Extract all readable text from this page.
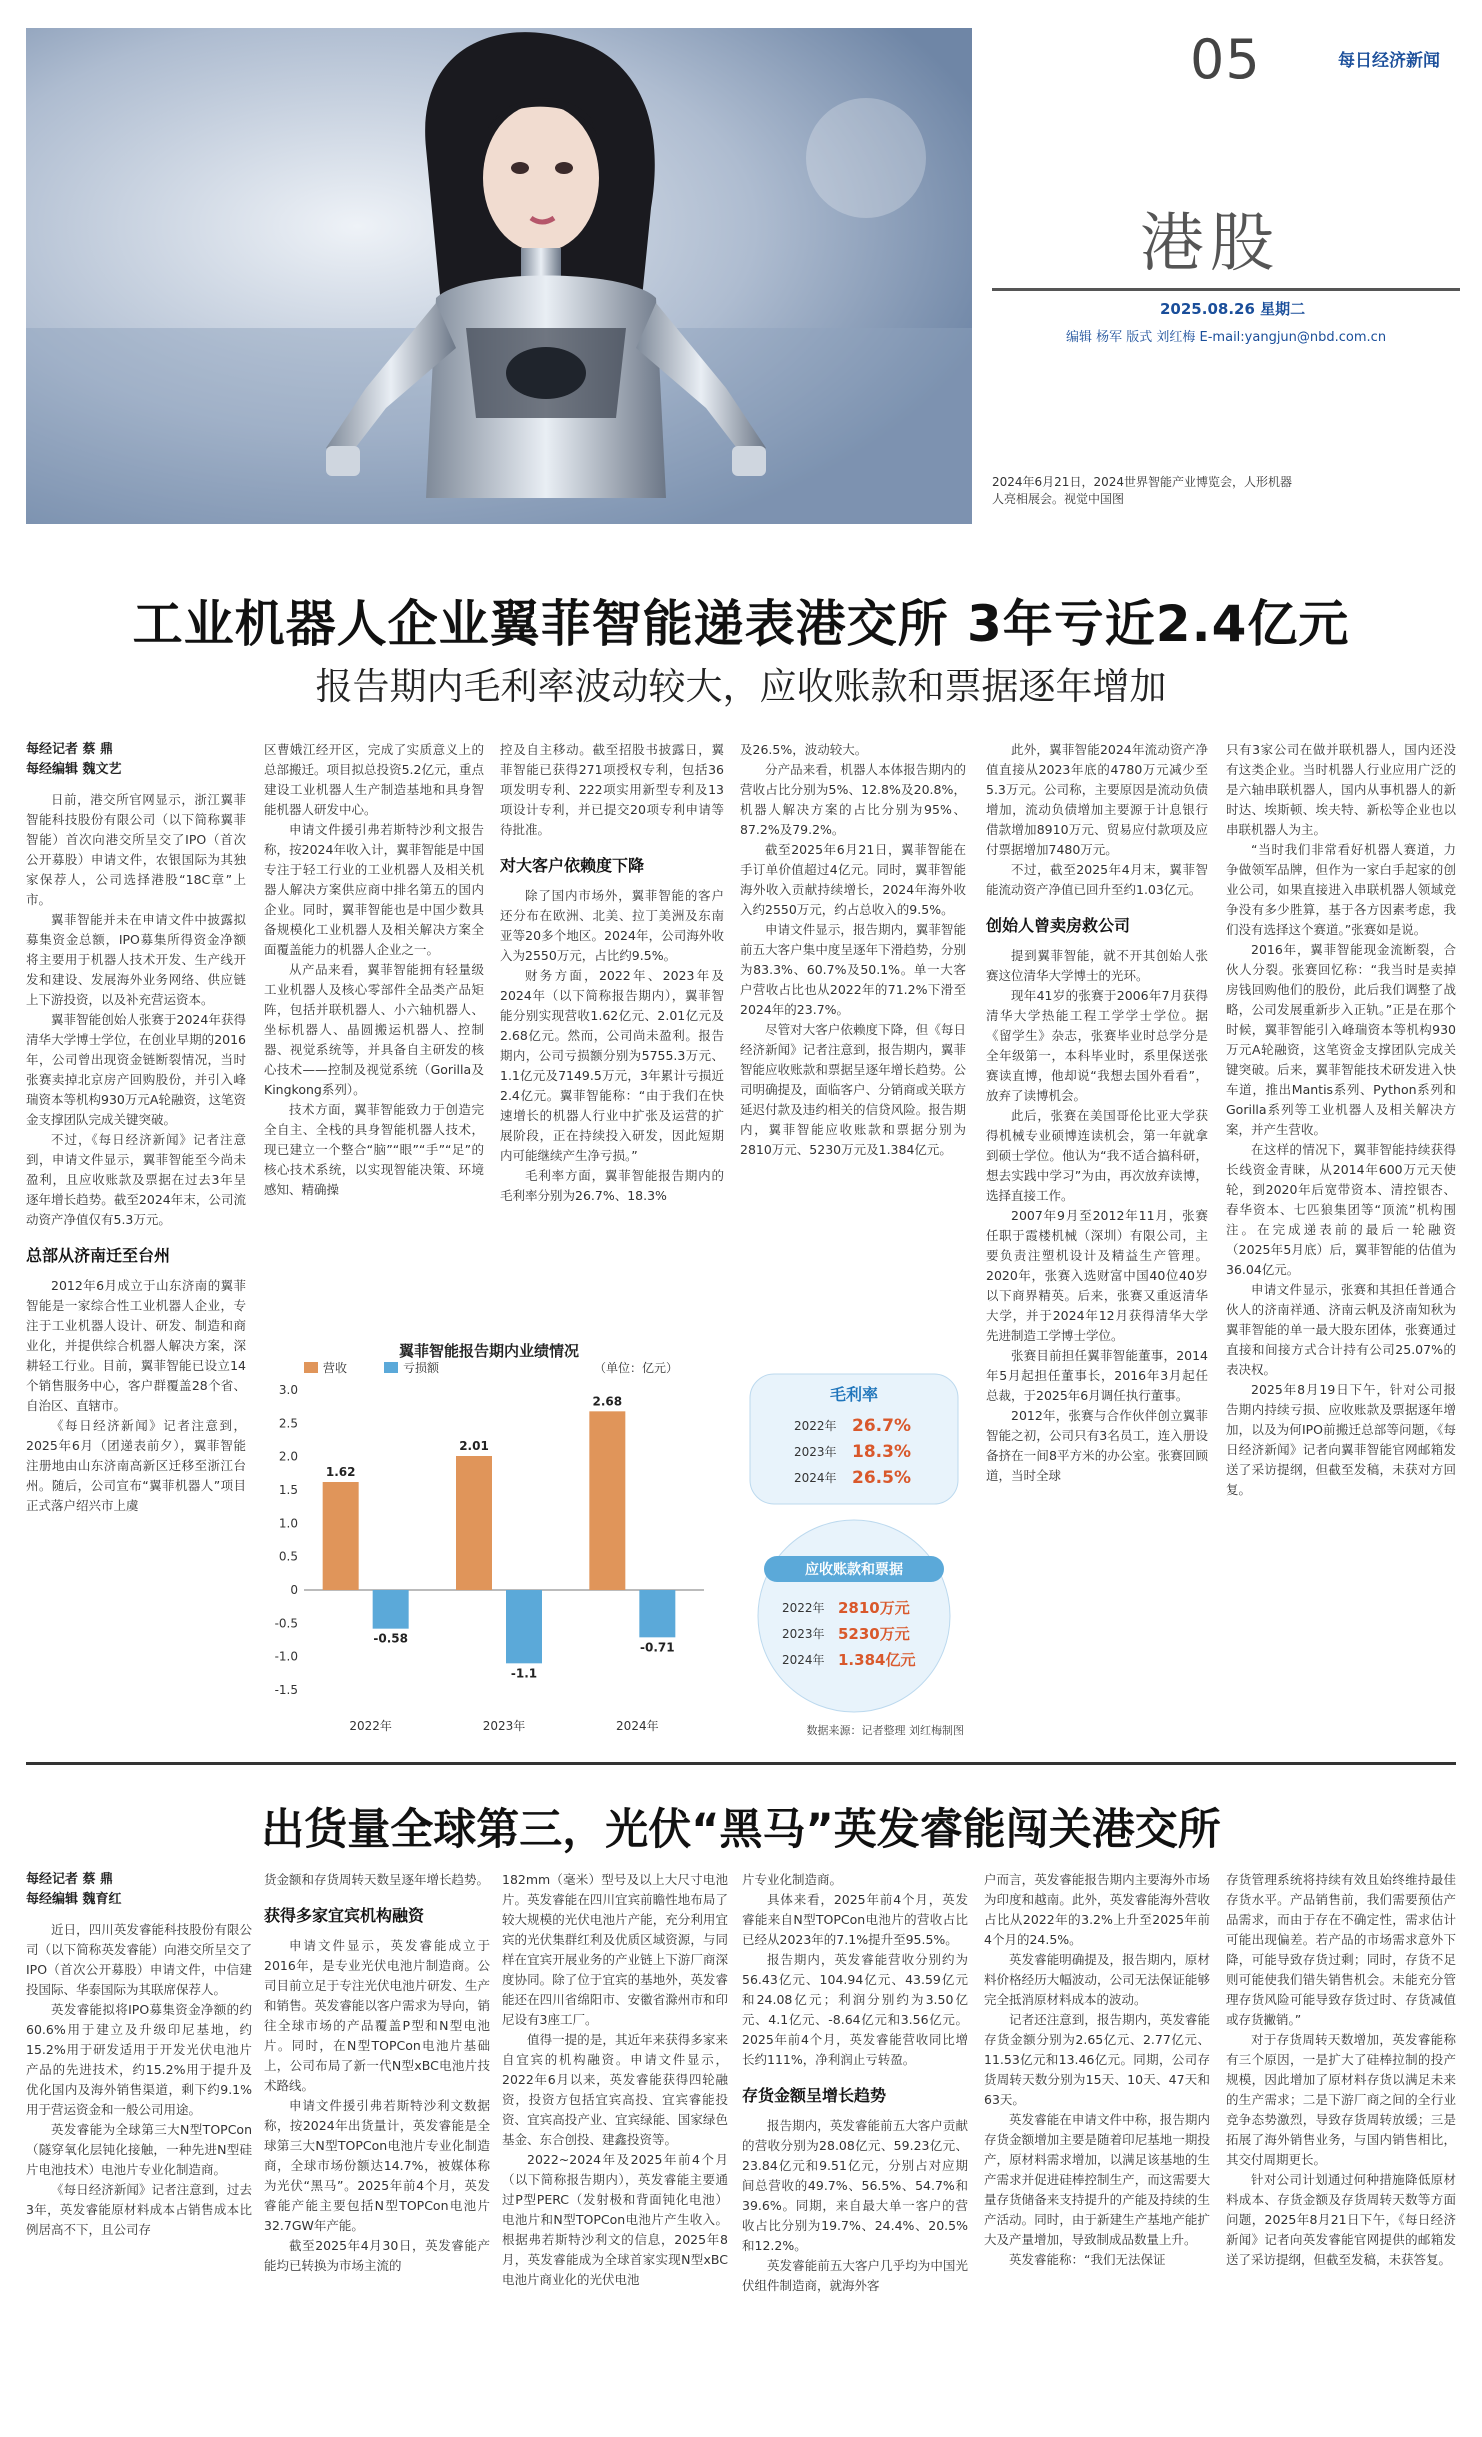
05	每日经济新闻
港股
2025.08.26 星期二
编辑 杨军 版式 刘红梅 E-mail:yangjun@nbd.com.cn
2024年6月21日，2024世界智能产业博览会，人形机器人亮相展会。视觉中国图
工业机器人企业翼菲智能递表港交所 3年亏近2.4亿元
报告期内毛利率波动较大，应收账款和票据逐年增加

每经记者 蔡 鼎

每经编辑 魏文艺

日前，港交所官网显示，浙江翼菲智能科技股份有限公司（以下简称翼菲智能）首次向港交所呈交了IPO（首次公开募股）申请文件，农银国际为其独家保荐人，公司选择港股“18C章”上市。

翼菲智能并未在申请文件中披露拟募集资金总额，IPO募集所得资金净额将主要用于机器人技术开发、生产线开发和建设、发展海外业务网络、供应链上下游投资，以及补充营运资本。

翼菲智能创始人张赛于2024年获得清华大学博士学位，在创业早期的2016年，公司曾出现资金链断裂情况，当时张赛卖掉北京房产回购股份，并引入峰瑞资本等机构930万元A轮融资，这笔资金支撑团队完成关键突破。

不过，《每日经济新闻》记者注意到，申请文件显示，翼菲智能至今尚未盈利，且应收账款及票据在过去3年呈逐年增长趋势。截至2024年末，公司流动资产净值仅有5.3万元。

总部从济南迁至台州

2012年6月成立于山东济南的翼菲智能是一家综合性工业机器人企业，专注于工业机器人设计、研发、制造和商业化，并提供综合机器人解决方案，深耕轻工行业。目前，翼菲智能已设立14个销售服务中心，客户群覆盖28个省、自治区、直辖市。

《每日经济新闻》记者注意到，2025年6月（团递表前夕），翼菲智能注册地由山东济南高新区迁移至浙江台州。随后，公司宣布“翼菲机器人”项目正式落户绍兴市上虞

区曹娥江经开区，完成了实质意义上的总部搬迁。项目拟总投资5.2亿元，重点建设工业机器人生产制造基地和具身智能机器人研发中心。

申请文件援引弗若斯特沙利文报告称，按2024年收入计，翼菲智能是中国专注于轻工行业的工业机器人及相关机器人解决方案供应商中排名第五的国内企业。同时，翼菲智能也是中国少数具备规模化工业机器人及相关解决方案全面覆盖能力的机器人企业之一。

从产品来看，翼菲智能拥有轻量级工业机器人及核心零部件全品类产品矩阵，包括并联机器人、小六轴机器人、坐标机器人、晶圆搬运机器人、控制器、视觉系统等，并具备自主研发的核心技术——控制及视觉系统（Gorilla及Kingkong系列）。

技术方面，翼菲智能致力于创造完全自主、全栈的具身智能机器人技术，现已建立一个整合“脑”“眼”“手”“足”的核心技术系统，以实现智能决策、环境感知、精确操

控及自主移动。截至招股书披露日，翼菲智能已获得271项授权专利，包括36项发明专利、222项实用新型专利及13项设计专利，并已提交20项专利申请等待批准。

对大客户依赖度下降

除了国内市场外，翼菲智能的客户还分布在欧洲、北美、拉丁美洲及东南亚等20多个地区。2024年，公司海外收入为2550万元，占比约9.5%。

财务方面，2022年、2023年及2024年（以下简称报告期内），翼菲智能分别实现营收1.62亿元、2.01亿元及2.68亿元。然而，公司尚未盈利。报告期内，公司亏损额分别为5755.3万元、1.1亿元及7149.5万元，3年累计亏损近2.4亿元。翼菲智能称：“由于我们在快速增长的机器人行业中扩张及运营的扩展阶段，正在持续投入研发，因此短期内可能继续产生净亏损。”

毛利率方面，翼菲智能报告期内的毛利率分别为26.7%、18.3%

及26.5%，波动较大。

分产品来看，机器人本体报告期内的营收占比分别为5%、12.8%及20.8%，机器人解决方案的占比分别为95%、87.2%及79.2%。

截至2025年6月21日，翼菲智能在手订单价值超过4亿元。同时，翼菲智能海外收入贡献持续增长，2024年海外收入约2550万元，约占总收入的9.5%。

申请文件显示，报告期内，翼菲智能前五大客户集中度呈逐年下滑趋势，分别为83.3%、60.7%及50.1%。单一大客户营收占比也从2022年的71.2%下滑至2024年的23.7%。

尽管对大客户依赖度下降，但《每日经济新闻》记者注意到，报告期内，翼菲智能应收账款和票据呈逐年增长趋势。公司明确提及，面临客户、分销商或关联方延迟付款及违约相关的信贷风险。报告期内，翼菲智能应收账款和票据分别为2810万元、5230万元及1.384亿元。

此外，翼菲智能2024年流动资产净值直接从2023年底的4780万元减少至5.3万元。公司称，主要原因是流动负债增加，流动负债增加主要源于计息银行借款增加8910万元、贸易应付款项及应付票据增加7480万元。

不过，截至2025年4月末，翼菲智能流动资产净值已回升至约1.03亿元。

创始人曾卖房救公司

提到翼菲智能，就不开其创始人张赛这位清华大学博士的光环。

现年41岁的张赛于2006年7月获得清华大学热能工程工学学士学位。据《留学生》杂志，张赛毕业时总学分是全年级第一，本科毕业时，系里保送张赛读直博，他却说“我想去国外看看”，放弃了读博机会。

此后，张赛在美国哥伦比亚大学获得机械专业硕博连读机会，第一年就拿到硕士学位。他认为“我不适合搞科研，想去实践中学习”为由，再次放弃读博，选择直接工作。

2007年9月至2012年11月，张赛任职于霞楼机械（深圳）有限公司，主要负责注塑机设计及精益生产管理。2020年，张赛入选财富中国40位40岁以下商界精英。后来，张赛又重返清华大学，并于2024年12月获得清华大学先进制造工学博士学位。

张赛目前担任翼菲智能董事，2014年5月起担任董事长，2016年3月起任总裁，于2025年6月调任执行董事。

2012年，张赛与合作伙伴创立翼菲智能之初，公司只有3名员工，连入册设备挤在一间8平方米的办公室。张赛回顾道，当时全球

只有3家公司在做并联机器人，国内还没有这类企业。当时机器人行业应用广泛的是六轴串联机器人，国内从事机器人的新时达、埃斯顿、埃夫特、新松等企业也以串联机器人为主。

“当时我们非常看好机器人赛道，力争做领军品牌，但作为一家白手起家的创业公司，如果直接进入串联机器人领域竞争没有多少胜算，基于各方因素考虑，我们没有选择这个赛道。”张赛如是说。

2016年，翼菲智能现金流断裂，合伙人分裂。张赛回忆称：“我当时是卖掉房钱回购他们的股份，此后我们调整了战略，公司发展重新步入正轨。”正是在那个时候，翼菲智能引入峰瑞资本等机构930万元A轮融资，这笔资金支撑团队完成关键突破。后来，翼菲智能技术研发进入快车道，推出Mantis系列、Python系列和Gorilla系列等工业机器人及相关解决方案，并产生营收。

在这样的情况下，翼菲智能持续获得长线资金青睐，从2014年600万元天使轮，到2020年后宽带资本、清控银杏、春华资本、七匹狼集团等“顶流”机构围注。在完成递表前的最后一轮融资（2025年5月底）后，翼菲智能的估值为36.04亿元。

申请文件显示，张赛和其担任普通合伙人的济南祥通、济南云帆及济南知秋为翼菲智能的单一最大股东团体，张赛通过直接和间接方式合计持有公司25.07%的表决权。

2025年8月19日下午，针对公司报告期内持续亏损、应收账款及票据逐年增加，以及为何IPO前搬迁总部等问题，《每日经济新闻》记者向翼菲智能官网邮箱发送了采访提纲，但截至发稿，未获对方回复。

翼菲智能报告期内业绩情况
营收	亏损额	（单位：亿元）
3.0
2.5
2.0
1.5
1.0
0.5
0
-0.5
-1.0
-1.5
1.62
-0.58
2022年
2.01
-1.1
2023年
2.68
-0.71
2024年
毛利率
2022年 26.7%
2023年 18.3%
2024年 26.5%
应收账款和票据
2022年 2810万元
2023年 5230万元
2024年 1.384亿元
数据来源：记者整理 刘红梅制图
出货量全球第三，光伏“黑马”英发睿能闯关港交所

每经记者 蔡 鼎

每经编辑 魏育红

近日，四川英发睿能科技股份有限公司（以下简称英发睿能）向港交所呈交了IPO（首次公开募股）申请文件，中信建投国际、华泰国际为其联席保荐人。

英发睿能拟将IPO募集资金净额的约60.6%用于建立及升级印尼基地，约15.2%用于研发适用于开发光伏电池片产品的先进技术，约15.2%用于提升及优化国内及海外销售渠道，剩下约9.1%用于营运资金和一般公司用途。

英发睿能为全球第三大N型TOPCon（隧穿氧化层钝化接触，一种先进N型硅片电池技术）电池片专业化制造商。

《每日经济新闻》记者注意到，过去3年，英发睿能原材料成本占销售成本比例居高不下，且公司存

货金额和存货周转天数呈逐年增长趋势。

获得多家宜宾机构融资

申请文件显示，英发睿能成立于2016年，是专业光伏电池片制造商。公司目前立足于专注光伏电池片研发、生产和销售。英发睿能以客户需求为导向，销往全球市场的产品覆盖P型和N型电池片。同时，在N型TOPCon电池片基础上，公司布局了新一代N型xBC电池片技术路线。

申请文件援引弗若斯特沙利文数据称，按2024年出货量计，英发睿能是全球第三大N型TOPCon电池片专业化制造商，全球市场份额达14.7%，被媒体称为光伏“黑马”。2025年前4个月，英发睿能产能主要包括N型TOPCon电池片32.7GW年产能。

截至2025年4月30日，英发睿能产能均已转换为市场主流的

182mm（毫米）型号及以上大尺寸电池片。英发睿能在四川宜宾前瞻性地布局了较大规模的光伏电池片产能，充分利用宜宾的光伏集群红利及优质区域资源，与同样在宜宾开展业务的产业链上下游厂商深度协同。除了位于宜宾的基地外，英发睿能还在四川省绵阳市、安徽省滁州市和印尼设有3座工厂。

值得一提的是，其近年来获得多家来自宜宾的机构融资。申请文件显示，2022年6月以来，英发睿能获得四轮融资，投资方包括宜宾高投、宜宾睿能投资、宜宾高投产业、宜宾绿能、国家绿色基金、东合创投、建鑫投资等。

2022~2024年及2025年前4个月（以下简称报告期内），英发睿能主要通过P型PERC（发射极和背面钝化电池）电池片和N型TOPCon电池片产生收入。根据弗若斯特沙利文的信息，2025年8月，英发睿能成为全球首家实现N型xBC电池片商业化的光伏电池

片专业化制造商。

具体来看，2025年前4个月，英发睿能来自N型TOPCon电池片的营收占比已经从2023年的7.1%提升至95.5%。

报告期内，英发睿能营收分别约为56.43亿元、104.94亿元、43.59亿元和24.08亿元；利润分别约为3.50亿元、4.1亿元、-8.64亿元和3.56亿元。2025年前4个月，英发睿能营收同比增长约111%，净利润止亏转盈。

存货金额呈增长趋势

报告期内，英发睿能前五大客户贡献的营收分别为28.08亿元、59.23亿元、23.84亿元和9.51亿元，分别占对应期间总营收的49.7%、56.5%、54.7%和39.6%。同期，来自最大单一客户的营收占比分别为19.7%、24.4%、20.5%和12.2%。

英发睿能前五大客户几乎均为中国光伏组件制造商，就海外客

户而言，英发睿能报告期内主要海外市场为印度和越南。此外，英发睿能海外营收占比从2022年的3.2%上升至2025年前4个月的24.5%。

英发睿能明确提及，报告期内，原材料价格经历大幅波动，公司无法保证能够完全抵消原材料成本的波动。

记者还注意到，报告期内，英发睿能存货金额分别为2.65亿元、2.77亿元、11.53亿元和13.46亿元。同期，公司存货周转天数分别为15天、10天、47天和63天。

英发睿能在申请文件中称，报告期内存货金额增加主要是随着印尼基地一期投产，原材料需求增加，以满足该基地的生产需求并促进硅棒控制生产，而这需要大量存货储备来支持提升的产能及持续的生产活动。同时，由于新建生产基地产能扩大及产量增加，导致制成品数量上升。

英发睿能称：“我们无法保证

存货管理系统将持续有效且始终维持最佳存货水平。产品销售前，我们需要预估产品需求，而由于存在不确定性，需求估计可能出现偏差。若产品的市场需求意外下降，可能导致存货过剩；同时，存货不足则可能使我们错失销售机会。未能充分管理存货风险可能导致存货过时、存货减值或存货撇销。”

对于存货周转天数增加，英发睿能称有三个原因，一是扩大了硅棒拉制的投产规模，因此增加了原材料存货以满足未来的生产需求；二是下游厂商之间的全行业竞争态势激烈，导致存货周转放缓；三是拓展了海外销售业务，与国内销售相比，其交付周期更长。

针对公司计划通过何种措施降低原材料成本、存货金额及存货周转天数等方面问题，2025年8月21日下午，《每日经济新闻》记者向英发睿能官网提供的邮箱发送了采访提纲，但截至发稿，未获答复。
